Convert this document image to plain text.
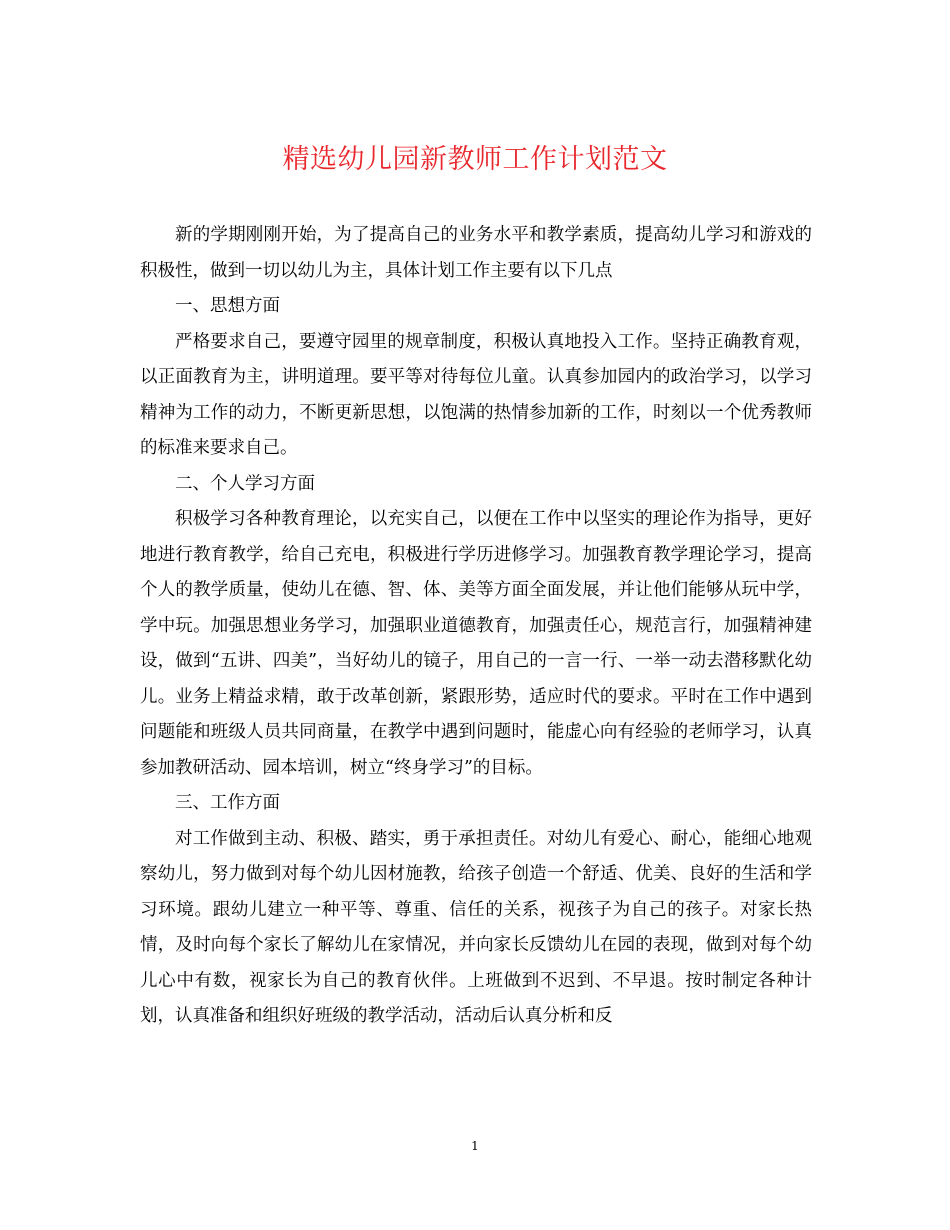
精选幼儿园新教师工作计划范文

新的学期刚刚开始，为了提高自己的业务水平和教学素质，提高幼儿学习和游戏的积极性，做到一切以幼儿为主，具体计划工作主要有以下几点

一、思想方面

严格要求自己，要遵守园里的规章制度，积极认真地投入工作。坚持正确教育观，以正面教育为主，讲明道理。要平等对待每位儿童。认真参加园内的政治学习，以学习精神为工作的动力，不断更新思想，以饱满的热情参加新的工作，时刻以一个优秀教师的标准来要求自己。

二、个人学习方面

积极学习各种教育理论，以充实自己，以便在工作中以坚实的理论作为指导，更好地进行教育教学，给自己充电，积极进行学历进修学习。加强教育教学理论学习，提高个人的教学质量，使幼儿在德、智、体、美等方面全面发展，并让他们能够从玩中学，学中玩。加强思想业务学习，加强职业道德教育，加强责任心，规范言行，加强精神建设，做到“五讲、四美”，当好幼儿的镜子，用自己的一言一行、一举一动去潜移默化幼儿。业务上精益求精，敢于改革创新，紧跟形势，适应时代的要求。平时在工作中遇到问题能和班级人员共同商量，在教学中遇到问题时，能虚心向有经验的老师学习，认真参加教研活动、园本培训，树立“终身学习”的目标。

三、工作方面

对工作做到主动、积极、踏实，勇于承担责任。对幼儿有爱心、耐心，能细心地观察幼儿，努力做到对每个幼儿因材施教，给孩子创造一个舒适、优美、良好的生活和学习环境。跟幼儿建立一种平等、尊重、信任的关系，视孩子为自己的孩子。对家长热情，及时向每个家长了解幼儿在家情况，并向家长反馈幼儿在园的表现，做到对每个幼儿心中有数，视家长为自己的教育伙伴。上班做到不迟到、不早退。按时制定各种计划，认真准备和组织好班级的教学活动，活动后认真分析和反

1
